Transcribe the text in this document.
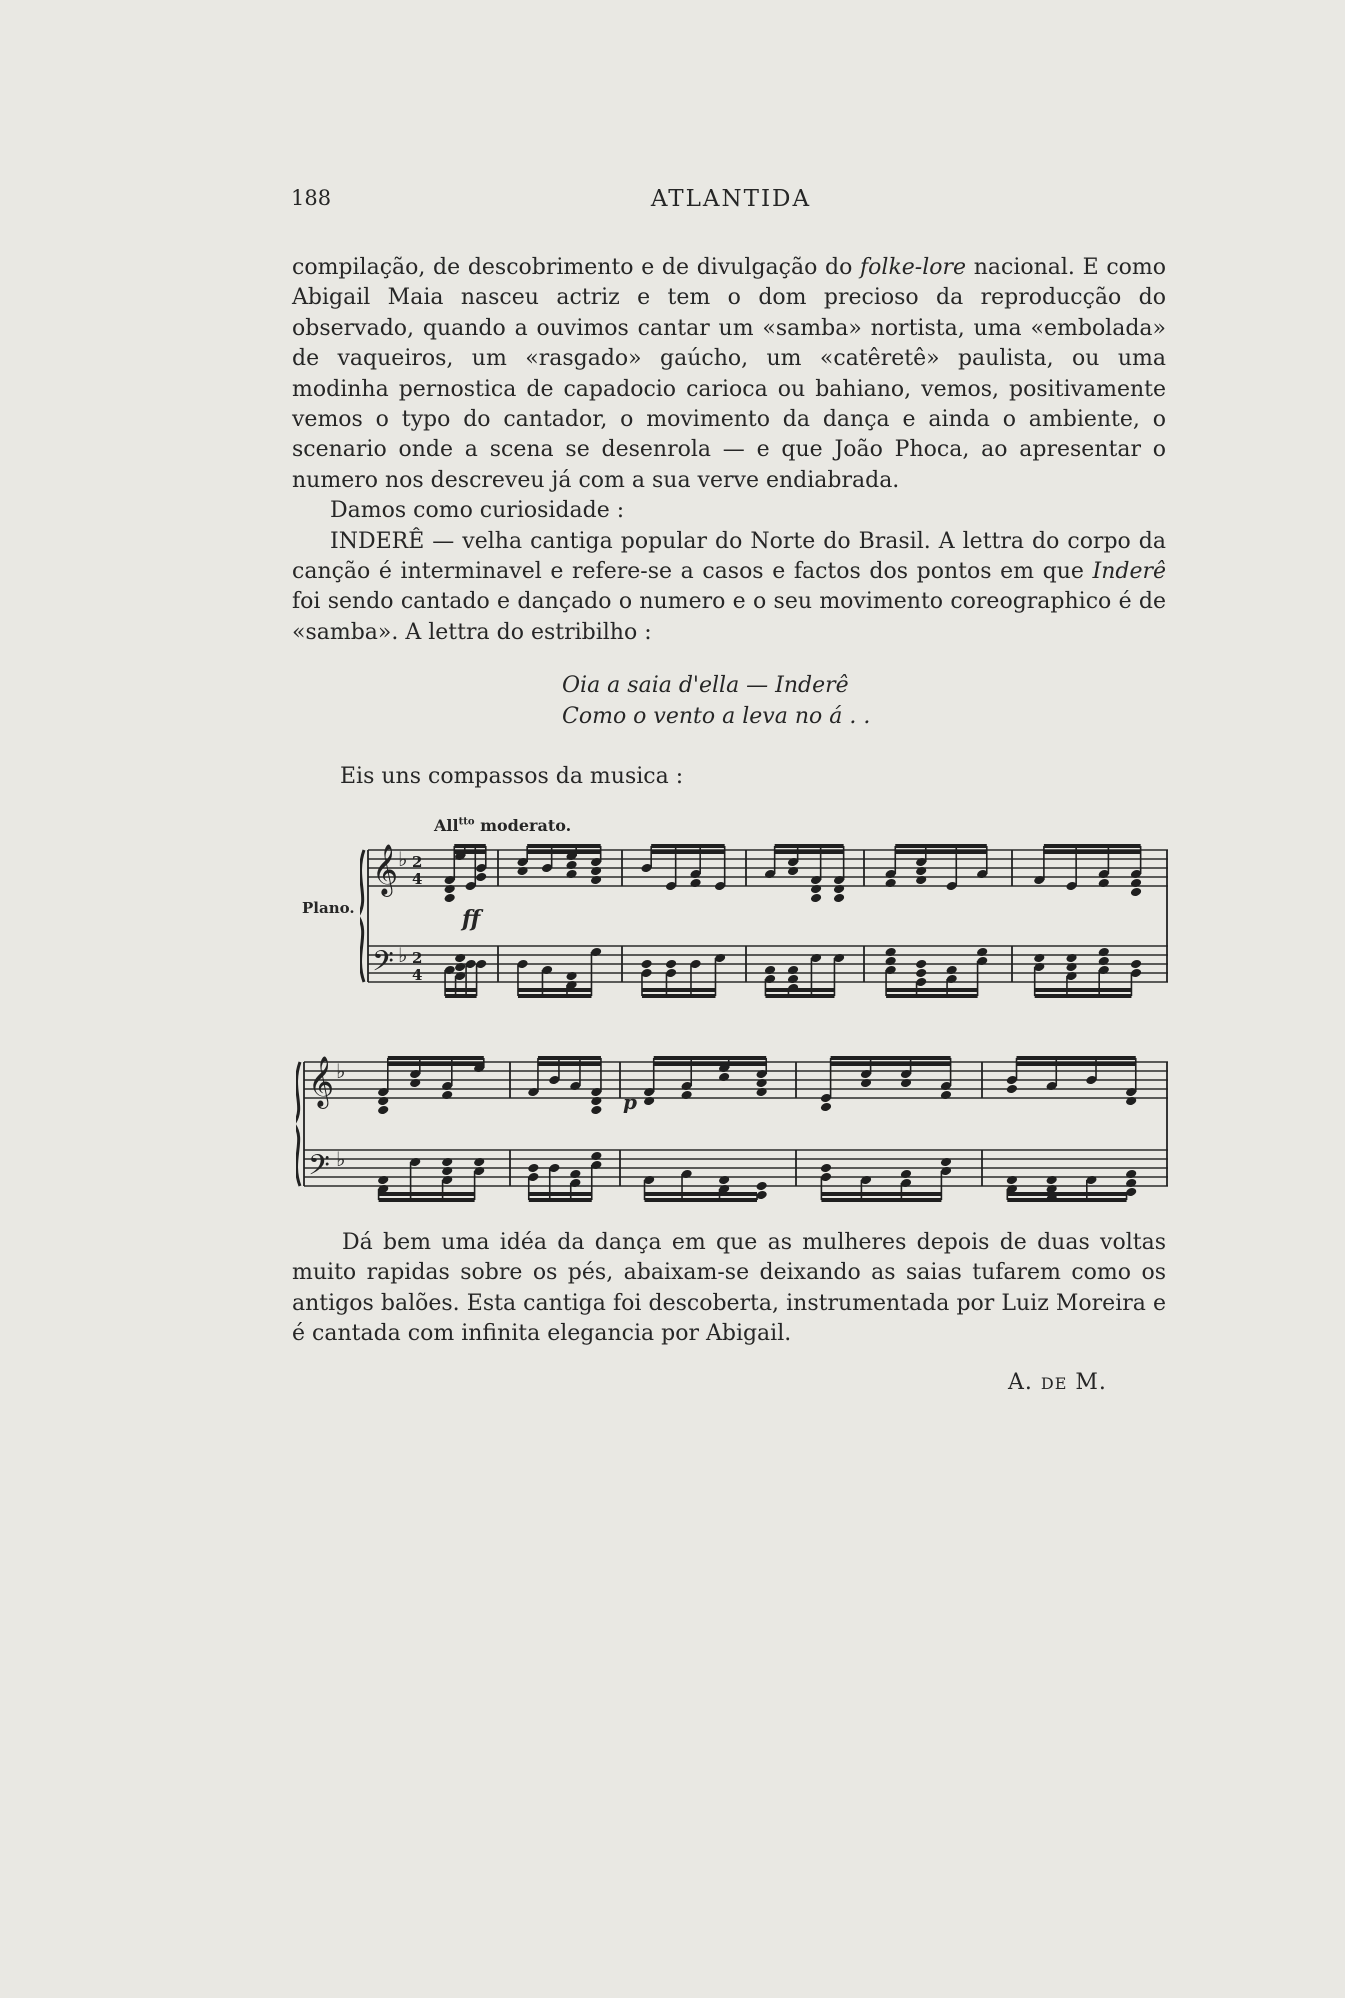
188	ATLANTIDA

compilação, de descobrimento e de divulgação do folke-lore nacional. E como Abigail Maia nasceu actriz e tem o dom precioso da reproducção do observado, quando a ouvimos cantar um «samba» nortista, uma «embolada» de vaqueiros, um «rasgado» gaúcho, um «catêretê» paulista, ou uma modinha pernostica de capadocio carioca ou bahiano, vemos, positivamente vemos o typo do cantador, o movimento da dança e ainda o ambiente, o scenario onde a scena se desenrola — e que João Phoca, ao apresentar o numero nos descreveu já com a sua verve endiabrada.

Damos como curiosidade :

INDERÊ — velha cantiga popular do Norte do Brasil. A lettra do corpo da canção é interminavel e refere-se a casos e factos dos pontos em que Inderê foi sendo cantado e dançado o numero e o seu movimento coreographico é de «samba». A lettra do estribilho :

Oia a saia d'ella — Inderê
Como o vento a leva no á . .
Eis uns compassos da musica :
All$^{tto}$ moderato.
Plano.	ff
p
𝄞
𝄢
♭
♭
2
4
2
4
𝄞
𝄢
♭
♭

Dá bem uma idéa da dança em que as mulheres depois de duas voltas muito rapidas sobre os pés, abaixam-se deixando as saias tufarem como os antigos balões. Esta cantiga foi descoberta, instrumentada por Luiz Moreira e é cantada com infinita elegancia por Abigail.

A. DE M.
